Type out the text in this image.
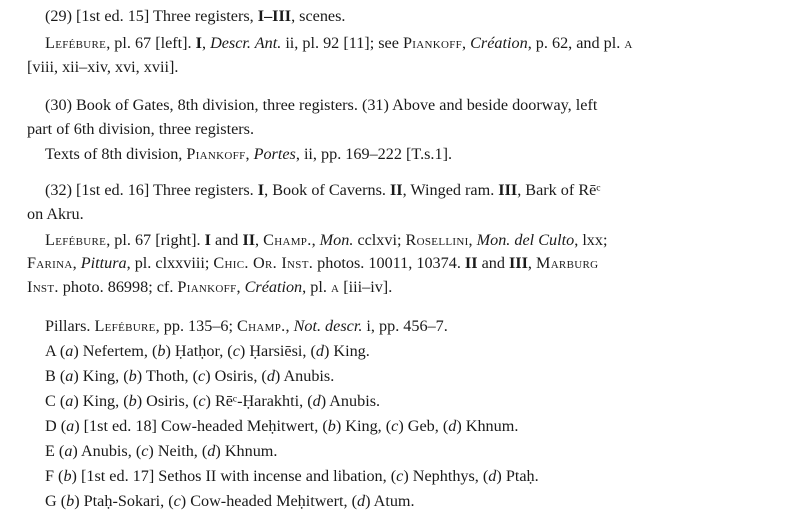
(29) [1st ed. 15] Three registers, I–III, scenes.
Lefébure, pl. 67 [left]. I, Descr. Ant. ii, pl. 92 [11]; see Piankoff, Création, p. 62, and pl. a
[viii, xii–xiv, xvi, xvii].
(30) Book of Gates, 8th division, three registers. (31) Above and beside doorway, left
part of 6th division, three registers.
Texts of 8th division, Piankoff, Portes, ii, pp. 169–222 [T.s.1].
(32) [1st ed. 16] Three registers. I, Book of Caverns. II, Winged ram. III, Bark of Rēᶜ
on Akru.
Lefébure, pl. 67 [right]. I and II, Champ., Mon. cclxvi; Rosellini, Mon. del Culto, lxx;
Farina, Pittura, pl. clxxviii; Chic. Or. Inst. photos. 10011, 10374. II and III, Marburg
Inst. photo. 86998; cf. Piankoff, Création, pl. a [iii–iv].
Pillars. Lefébure, pp. 135–6; Champ., Not. descr. i, pp. 456–7.
A (a) Nefertem, (b) Ḥatḥor, (c) Ḥarsiēsi, (d) King.
B (a) King, (b) Thoth, (c) Osiris, (d) Anubis.
C (a) King, (b) Osiris, (c) Rēᶜ-Ḥarakhti, (d) Anubis.
D (a) [1st ed. 18] Cow-headed Meḥitwert, (b) King, (c) Geb, (d) Khnum.
E (a) Anubis, (c) Neith, (d) Khnum.
F (b) [1st ed. 17] Sethos II with incense and libation, (c) Nephthys, (d) Ptaḥ.
G (b) Ptaḥ-Sokari, (c) Cow-headed Meḥitwert, (d) Atum.
